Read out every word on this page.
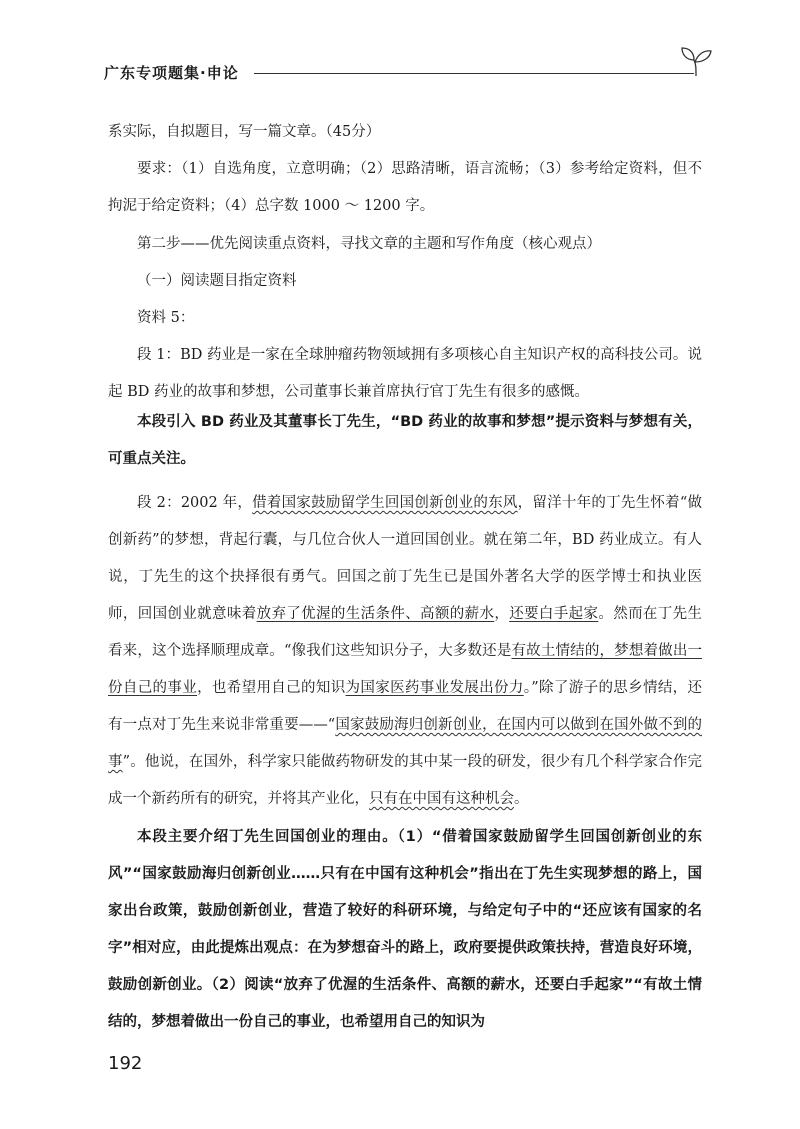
广东专项题集·申论

系实际，自拟题目，写一篇文章。（45分）

要求：（1）自选角度，立意明确；（2）思路清晰，语言流畅；（3）参考给定资料，但不拘泥于给定资料；（4）总字数 1000 ～ 1200 字。

第二步——优先阅读重点资料，寻找文章的主题和写作角度（核心观点）

（一）阅读题目指定资料

资料 5：

段 1：BD 药业是一家在全球肿瘤药物领域拥有多项核心自主知识产权的高科技公司。说起 BD 药业的故事和梦想，公司董事长兼首席执行官丁先生有很多的感慨。

本段引入 BD 药业及其董事长丁先生，“BD 药业的故事和梦想”提示资料与梦想有关，可重点关注。

段 2：2002 年，借着国家鼓励留学生回国创新创业的东风，留洋十年的丁先生怀着“做创新药”的梦想，背起行囊，与几位合伙人一道回国创业。就在第二年，BD 药业成立。有人说，丁先生的这个抉择很有勇气。回国之前丁先生已是国外著名大学的医学博士和执业医师，回国创业就意味着放弃了优渥的生活条件、高额的薪水，还要白手起家。然而在丁先生看来，这个选择顺理成章。“像我们这些知识分子，大多数还是有故土情结的，梦想着做出一份自己的事业，也希望用自己的知识为国家医药事业发展出份力。”除了游子的思乡情结，还有一点对丁先生来说非常重要——“国家鼓励海归创新创业，在国内可以做到在国外做不到的事”。他说，在国外，科学家只能做药物研发的其中某一段的研发，很少有几个科学家合作完成一个新药所有的研究，并将其产业化，只有在中国有这种机会。

本段主要介绍丁先生回国创业的理由。（1）“借着国家鼓励留学生回国创新创业的东风”“国家鼓励海归创新创业……只有在中国有这种机会”指出在丁先生实现梦想的路上，国家出台政策，鼓励创新创业，营造了较好的科研环境，与给定句子中的“还应该有国家的名字”相对应，由此提炼出观点：在为梦想奋斗的路上，政府要提供政策扶持，营造良好环境，鼓励创新创业。（2）阅读“放弃了优渥的生活条件、高额的薪水，还要白手起家”“有故土情结的，梦想着做出一份自己的事业，也希望用自己的知识为

192
